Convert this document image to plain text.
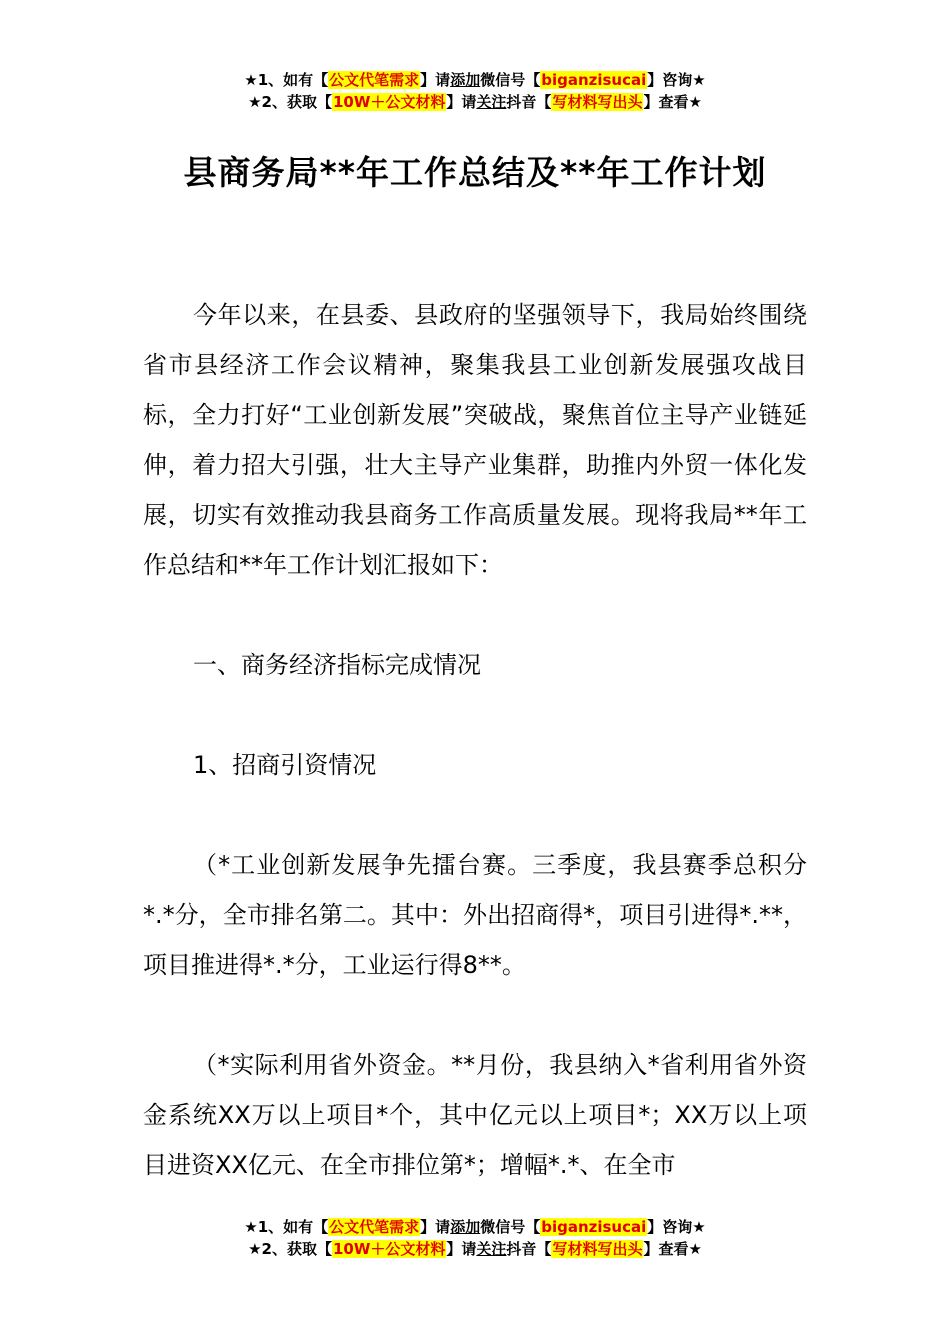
★1、如有【公文代笔需求】请添加微信号【biganzisucai】咨询★
★2、获取【10W＋公文材料】请关注抖音【写材料写出头】查看★
县商务局**年工作总结及**年工作计划

今年以来，在县委、县政府的坚强领导下，我局始终围绕省市县经济工作会议精神，聚集我县工业创新发展强攻战目标，全力打好“工业创新发展”突破战，聚焦首位主导产业链延伸，着力招大引强，壮大主导产业集群，助推内外贸一体化发展，切实有效推动我县商务工作高质量发展。现将我局**年工作总结和**年工作计划汇报如下：

一、商务经济指标完成情况

1、招商引资情况

（*工业创新发展争先擂台赛。三季度，我县赛季总积分*.*分，全市排名第二。其中：外出招商得*，项目引进得*.**，项目推进得*.*分，工业运行得8**。

（*实际利用省外资金。**月份，我县纳入*省利用省外资金系统XX万以上项目*个，其中亿元以上项目*；XX万以上项目进资XX亿元、在全市排位第*；增幅*.*、在全市

★1、如有【公文代笔需求】请添加微信号【biganzisucai】咨询★
★2、获取【10W＋公文材料】请关注抖音【写材料写出头】查看★
